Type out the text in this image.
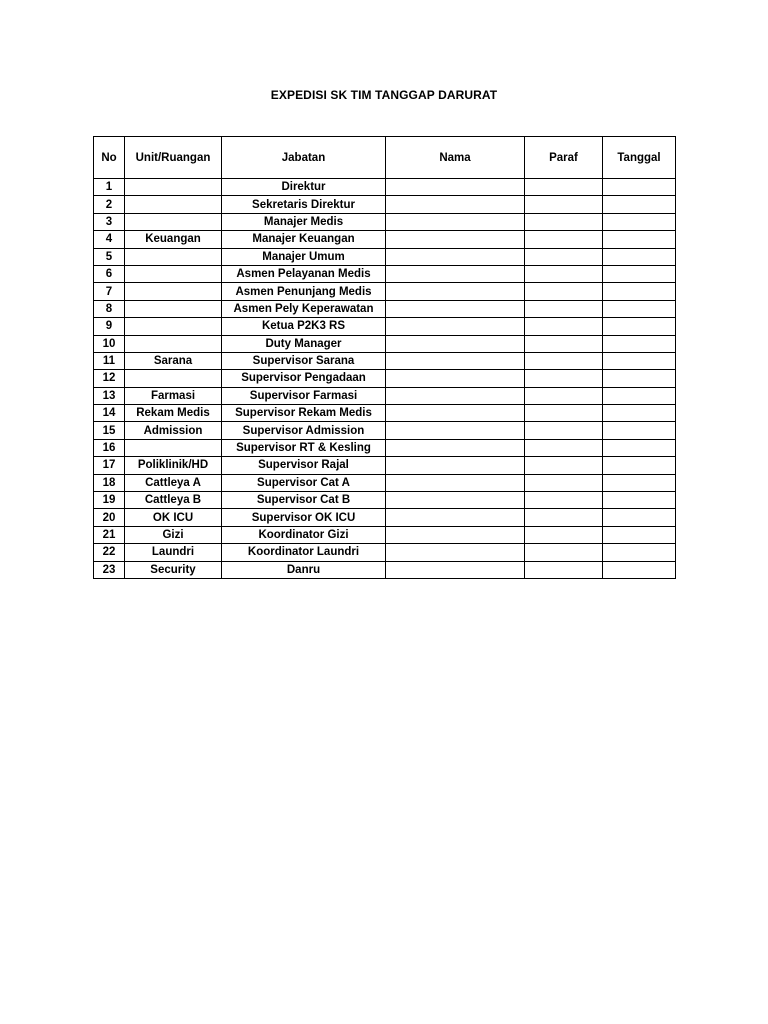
EXPEDISI SK TIM TANGGAP DARURAT
No	Unit/Ruangan	Jabatan	Nama	Paraf	Tanggal
1		Direktur			
2		Sekretaris Direktur			
3		Manajer Medis			
4	Keuangan	Manajer Keuangan			
5		Manajer Umum			
6		Asmen Pelayanan Medis			
7		Asmen Penunjang Medis			
8		Asmen Pely Keperawatan			
9		Ketua P2K3 RS			
10		Duty Manager			
11	Sarana	Supervisor Sarana			
12		Supervisor Pengadaan			
13	Farmasi	Supervisor Farmasi			
14	Rekam Medis	Supervisor Rekam Medis			
15	Admission	Supervisor Admission			
16		Supervisor RT & Kesling			
17	Poliklinik/HD	Supervisor Rajal			
18	Cattleya A	Supervisor Cat A			
19	Cattleya B	Supervisor Cat B			
20	OK ICU	Supervisor OK ICU			
21	Gizi	Koordinator Gizi			
22	Laundri	Koordinator Laundri			
23	Security	Danru			
